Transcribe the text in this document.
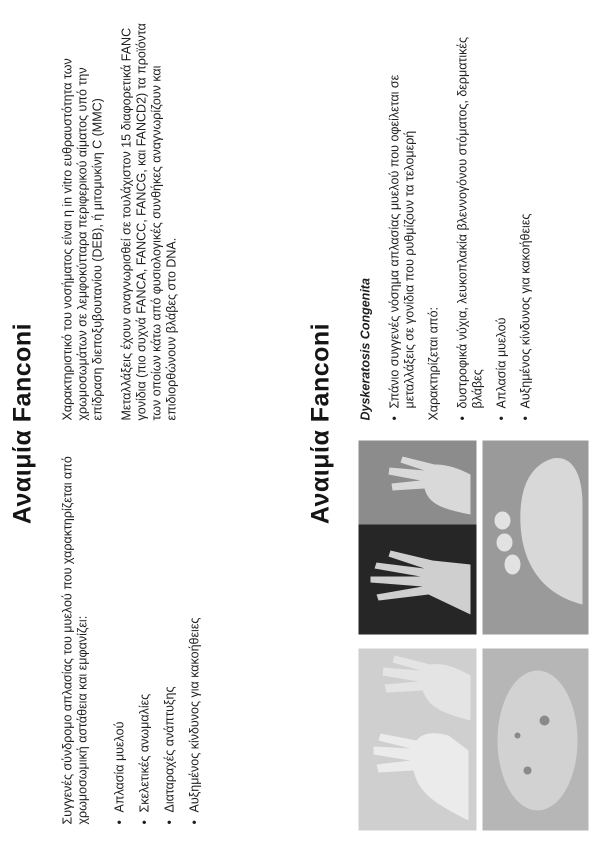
Αναιμία Fanconi

Συγγενές σύνδρομο απλασίας του μυελού που χαρακτηρίζεται από χρωμοσωμική αστάθεια και εμφανίζει: • Απλασία μυελού • Σκελετικές ανωμαλίες • Διαταραχές ανάπτυξης • Αυξημένος κίνδυνος για κακοήθειες

Χαρακτηριστικό του νοσήματος είναι η in vitro ευθραυστότητα των χρωμοσωμάτων σε λεμφοκύτταρα περιφερικού αίματος υπό την επίδραση διεποξυβουτανίου (DEB), ή μιτομυκίνη C (MMC) Μεταλλάξεις έχουν αναγνωρισθεί σε τουλάχιστον 15 διαφορετικά FANC γονίδια (πιο συχνά FANCA, FANCC, FANCG, και FANCD2) τα προϊόντα των οποίων κάτω από φυσιολογικές συνθήκες αναγνωρίζουν και επιδιορθώνουν βλάβες στο DNA.	Αναιμία Fanconi Dyskeratosis Congenita • Σπάνιο συγγενές νόσημα απλασίας μυελού που οφείλεται σε μεταλλάξεις σε γονίδια που ρυθμίζουν τα τελομερή Χαρακτηρίζεται από: • δυστροφικά νύχια, λευκοπλακία βλεννογόνου στόματος, δερματικές βλάβες • Απλασία μυελού • Αυξημένος κίνδυνος για κακοήθειες
